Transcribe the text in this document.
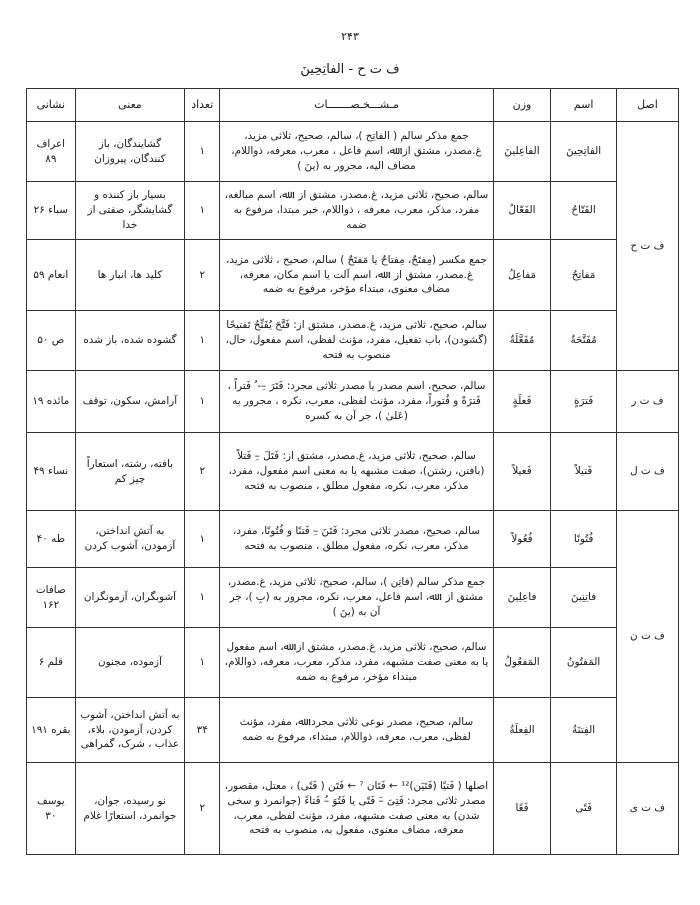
۲۴۳
ف ت ح - الفاتِحِینَ
اصل	اسم	وزن	مـشـــخـصـــــــات	تعداد	معنی	نشانی
ف ت ح	الفاتِحِینَ	الفاعِلینَ	جمع مذکر سالم ( الفاتِح )، سالم، صحیح، ثلاثی مزید، غ.مصدر، مشتق از: ﷲ، اسم فاعل ، معرب، معرفه، ذواللام، مضاف الیه، مجرور به (ینَ )	۱	گشایندگان، باز کنندگان، پیروزان	اعراف ۸۹
	الفَتّاحُ	الفَعّالُ	سالم، صحیح، ثلاثی مزید، غ.مصدر، مشتق از : ﷲ، اسم مبالغه، مفرد، مذکر، معرب، معرفه ، ذواللام، خبر مبتدا، مرفوع به ضمه	۱	بسیار باز کننده و گشایشگر، صفتی از خدا	سباء ۲۶
	مَفاتِحُ	مَفاعِلُ	جمع مکسر (مِفتَحٌ، مِفتاحٌ یا مَفتَحٌ ) سالم، صحیح ، ثلاثی مزید، غ.مصدر، مشتق از : ﷲ، اسم آلت یا اسم مکان، معرفه، مضاف معنوی، مبتداء مؤخر، مرفوع به ضمه	۲	کلید ها، انبار ها	انعام ۵۹
	مُفَتَّحَةٌ	مُفَعَّلَةٌ	سالم، صحیح، ثلاثی مزید، غ.مصدر، مشتق از: فَتَّحَ یُفَتِّحُ تَفتیحًا (گشودن)، باب تفعیل، مفرد، مؤنث لفظی، اسم مفعول، حال، منصوب به فتحه	۱	گشوده شده، باز شده	ص ۵۰
ف ت ر	فَترَةٍ	فَعلَةٍ	سالم، صحیح، اسم مصدر یا مصدر ثلاثی مجرد: فَتَرَ –ِ- ُ فَتراً ، فَترَةً و فُتوراً، مفرد، مؤنث لفظی، معرب، نکره ، مجرور به (عَلیٰ )، جر آن به کسره	۱	آرامش، سکون، توقف	مائده ۱۹
ف ت ل	فَتیلاً	فَعیلاً	سالم، صحیح، ثلاثی مزید، غ.مصدر، مشتق از: فَتَلَ –ِ فَتلاً (بافتن، رشتن)، صفت مشبهه یا به معنی اسم مفعول، مفرد، مذکر، معرب، نکره، مفعول مطلق ، منصوب به فتحه	۲	بافته، رشته، استعاراً چیز کم	نساء ۴۹
ف ت ن	فُتُونًا	فُعُولاً	سالم، صحیح، مصدر ثلاثی مجرد: فَتَنَ –ِ فَتنًا و فُتُونًا، مفرد، مذکر، معرب، نکره، مفعول مطلق ، منصوب به فتحه	۱	به آتش انداختن، آزمودن، آشوب کردن	طه ۴۰
	فاتِنِینَ	فاعِلِینَ	جمع مذکر سالم (فاتِن )، سالم، صحیح، ثلاثی مزید، غ.مصدر، مشتق از : ﷲ، اسم فاعل، معرب، نکره، مجرور به (بِ )، جر آن به (ینَ )	۱	آشوبگران، آزمونگران	صافات ۱۶۲
	المَفتُونُ	المَفعُولُ	سالم، صحیح، ثلاثی مزید، غ.مصدر، مشتق از: ﷲ، اسم مفعول یا به معنی صفت مشبهه، مفرد، مذکر، معرب، معرفه، ذواللام، مبتداء مؤخر، مرفوع به ضمه	۱	آزموده، مجنون	قلم ۶
	الفِتنَةُ	الفِعلَةُ	سالم، صحیح، مصدر نوعی ثلاثی مجرد: ﷲ، مفرد، مؤنث لفظی، معرب، معرفه، ذواللام، مبتداء، مرفوع به ضمه	۳۴	به آتش انداختن، آشوب کردن، آزمودن، بلاء، عذاب ، شرک، گمراهی	بقره ۱۹۱
ف ت ی	فَتًی	فَعًا	اصلها ( فَتیًا (فَتَیَن)¹² ← فَتَان ⁷ ← فَتَن ( فَتًی) ، معتل، مقصور، مصدر ثلاثی مجرد: فَتِیَ –َ فَتًی یا فَتُوَ –ُ فَتاءً (جوانمرد و سخی شدن) به معنی صفت مشبهه، مفرد، مؤنث لفظی، معرب، معرفه، مضاف معنوی، مفعول به، منصوب به فتحه	۲	نو رسیده، جوان، جوانمرد، استعارًا غلام	یوسف ۳۰
